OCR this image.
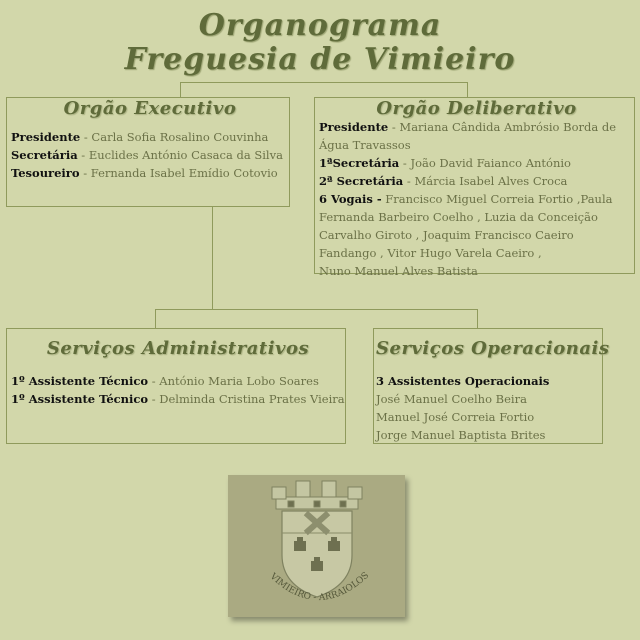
Organograma
Freguesia de Vimieiro
Orgão Executivo
Presidente - Carla Sofia Rosalino Couvinha
Secretária - Euclides António Casaca da Silva
Tesoureiro - Fernanda Isabel Emídio Cotovio
Orgão Deliberativo
Presidente - Mariana Cândida Ambrósio Borda de
Água Travassos
1ªSecretária - João David Faianco António
2ª Secretária - Márcia Isabel Alves Croca
6 Vogais - Francisco Miguel Correia Fortio ,Paula
Fernanda Barbeiro Coelho , Luzia da Conceição
Carvalho Giroto , Joaquim Francisco Caeiro
Fandango , Vitor Hugo Varela Caeiro ,
Nuno Manuel Alves Batista
Serviços Administrativos
1º Assistente Técnico - António Maria Lobo Soares
1º Assistente Técnico - Delminda Cristina Prates Vieira
Serviços Operacionais
3 Assistentes Operacionais
José Manuel Coelho Beira
Manuel José Correia Fortio
Jorge Manuel Baptista Brites
VIMIEIRO - ARRAIOLOS
